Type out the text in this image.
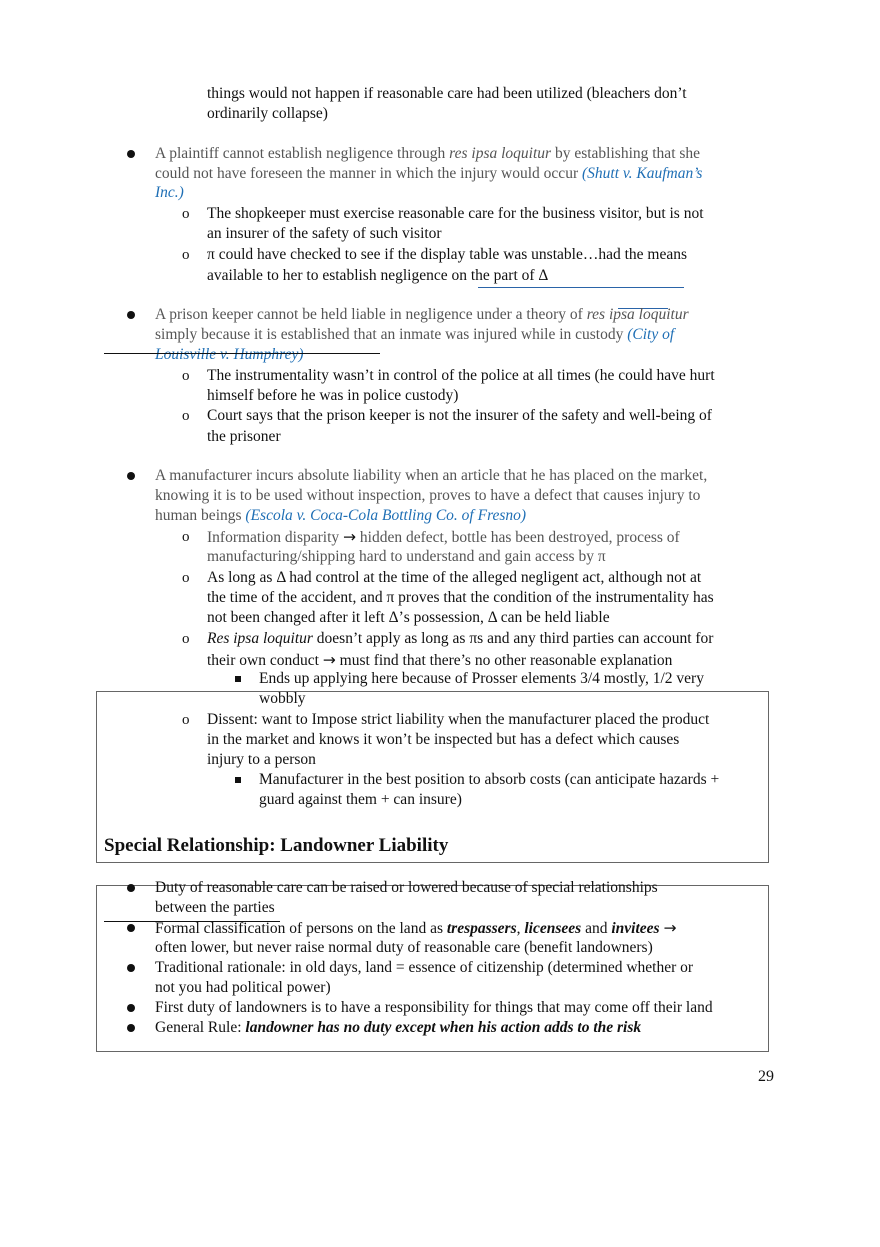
things would not happen if reasonable care had been utilized (bleachers don’t
ordinarily collapse)
A plaintiff cannot establish negligence through res ipsa loquitur by establishing that she
could not have foreseen the manner in which the injury would occur (Shutt v. Kaufman’s
Inc.)
o The shopkeeper must exercise reasonable care for the business visitor, but is not
an insurer of the safety of such visitor
o π could have checked to see if the display table was unstable…had the means
available to her to establish negligence on the part of Δ
A prison keeper cannot be held liable in negligence under a theory of res ipsa loquitur
simply because it is established that an inmate was injured while in custody (City of
Louisville v. Humphrey)
o The instrumentality wasn’t in control of the police at all times (he could have hurt
himself before he was in police custody)
o Court says that the prison keeper is not the insurer of the safety and well-being of
the prisoner
A manufacturer incurs absolute liability when an article that he has placed on the market,
knowing it is to be used without inspection, proves to have a defect that causes injury to
human beings (Escola v. Coca-Cola Bottling Co. of Fresno)
o Information disparity → hidden defect, bottle has been destroyed, process of
manufacturing/shipping hard to understand and gain access by π
o As long as Δ had control at the time of the alleged negligent act, although not at
the time of the accident, and π proves that the condition of the instrumentality has
not been changed after it left Δ’s possession, Δ can be held liable
o Res ipsa loquitur doesn’t apply as long as πs and any third parties can account for
their own conduct → must find that there’s no other reasonable explanation
Ends up applying here because of Prosser elements 3/4 mostly, 1/2 very
wobbly
o Dissent: want to Impose strict liability when the manufacturer placed the product
in the market and knows it won’t be inspected but has a defect which causes
injury to a person
Manufacturer in the best position to absorb costs (can anticipate hazards +
guard against them + can insure)
Special Relationship: Landowner Liability
Duty of reasonable care can be raised or lowered because of special relationships
between the parties
Formal classification of persons on the land as trespassers, licensees and invitees →
often lower, but never raise normal duty of reasonable care (benefit landowners)
Traditional rationale: in old days, land = essence of citizenship (determined whether or
not you had political power)
First duty of landowners is to have a responsibility for things that may come off their land
General Rule: landowner has no duty except when his action adds to the risk
29
